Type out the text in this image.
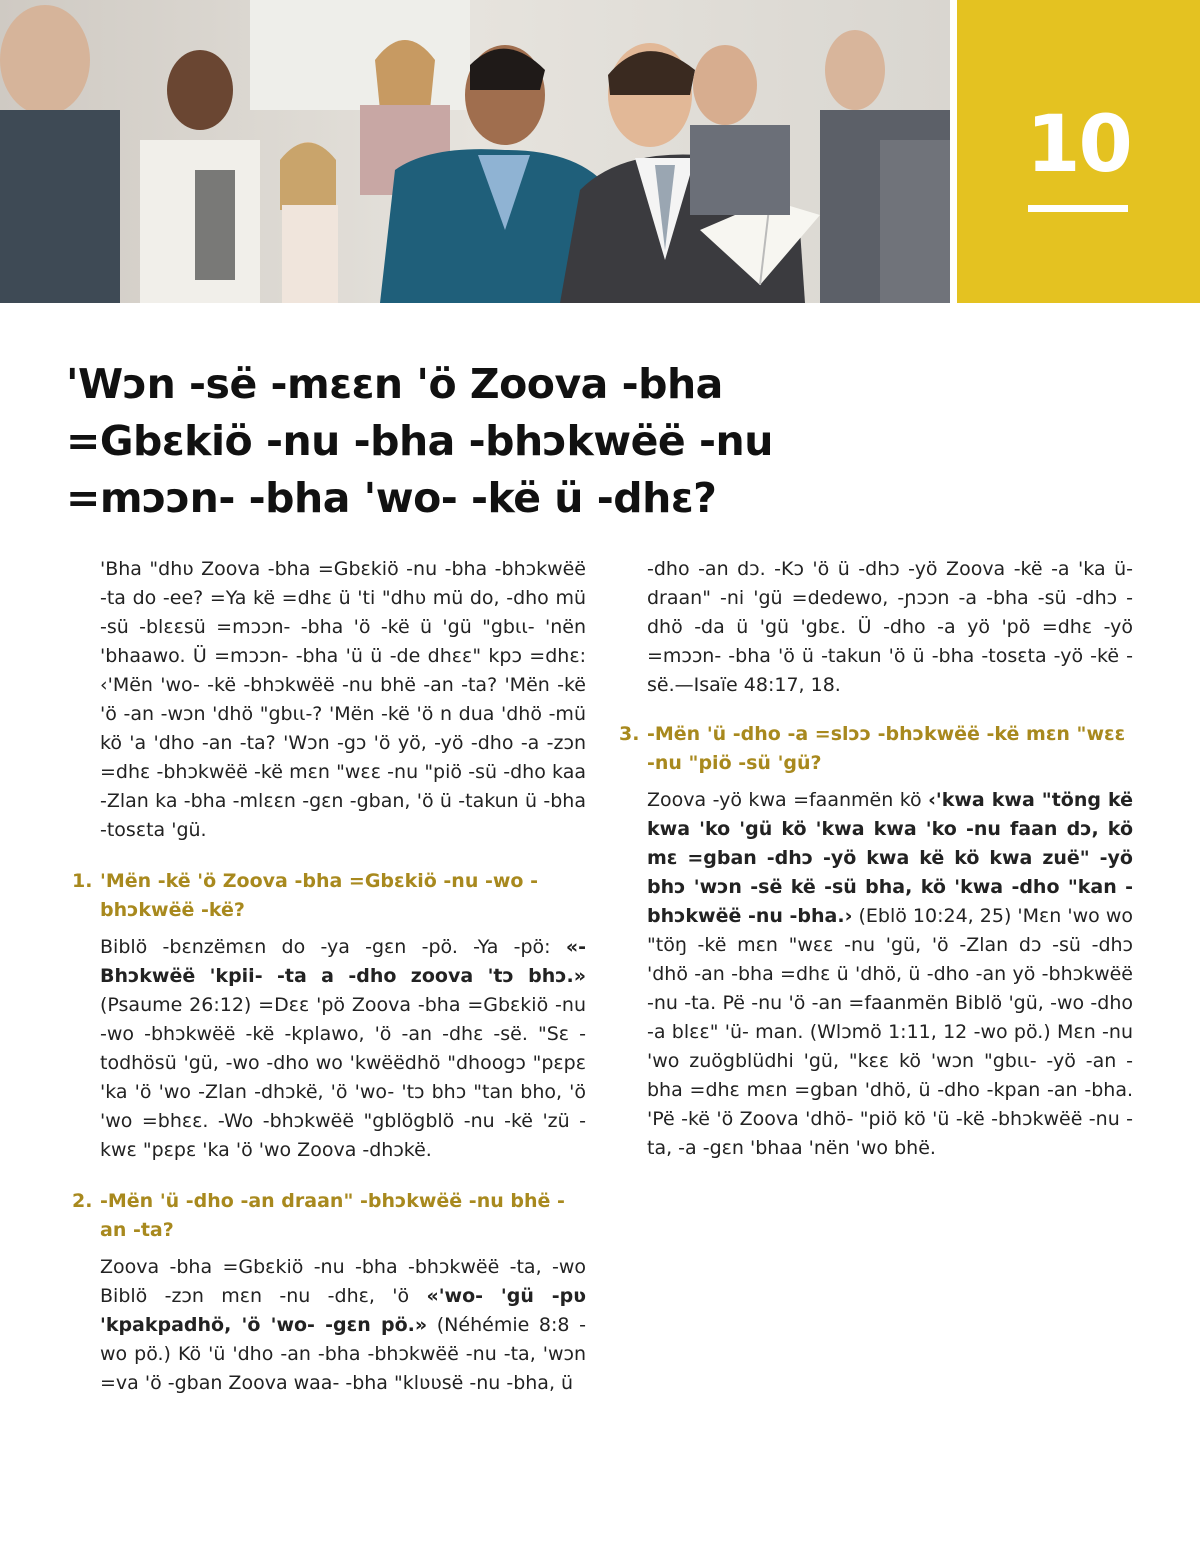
10
'Wɔn -së -mɛɛn 'ö Zoova -bha =Gbɛkiö -nu -bha -bhɔkwëë -nu =mɔɔn- -bha 'wo- -kë ü -dhɛ?

'Bha "dhʋ Zoova -bha =Gbɛkiö -nu -bha -bhɔkwëë -ta do -ee? =Ya kë =dhɛ ü 'ti "dhʋ mü do, -dho mü -sü -blɛɛsü =mɔɔn- -bha 'ö -kë ü 'gü "gbɩɩ- 'nën 'bhaawo. Ü =mɔɔn- -bha 'ü ü -de dhɛɛ" kpɔ =dhɛ: ‹'Mën 'wo- -kë -bhɔkwëë -nu bhë -an -ta? 'Mën -kë 'ö -an -wɔn 'dhö "gbɩɩ-? 'Mën -kë 'ö n dua 'dhö -mü kö 'a 'dho -an -ta? 'Wɔn -gɔ 'ö yö, -yö -dho -a -zɔn =dhɛ -bhɔkwëë -kë mɛn "wɛɛ -nu "piö -sü -dho kaa -Zlan ka -bha -mlɛɛn -gɛn -gban, 'ö ü -takun ü -bha -tosɛta 'gü.

1. 'Mën -kë 'ö Zoova -bha =Gbɛkiö -nu -wo -bhɔkwëë -kë?

Biblö -bɛnzëmɛn do -ya -gɛn -pö. -Ya -pö: «-Bhɔkwëë 'kpii- -ta a -dho zoova 'tɔ bhɔ.» (Psaume 26:12) =Dɛɛ 'pö Zoova -bha =Gbɛkiö -nu -wo -bhɔkwëë -kë -kplawo, 'ö -an -dhɛ -së. "Sɛ -todhösü 'gü, -wo -dho wo 'kwëëdhö "dhoogɔ "pɛpɛ 'ka 'ö 'wo -Zlan -dhɔkë, 'ö 'wo- 'tɔ bhɔ "tan bho, 'ö 'wo =bhɛɛ. -Wo -bhɔkwëë "gblögblö -nu -kë 'zü -kwɛ "pɛpɛ 'ka 'ö 'wo Zoova -dhɔkë.

2. -Mën 'ü -dho -an draan" -bhɔkwëë -nu bhë -an -ta?

Zoova -bha =Gbɛkiö -nu -bha -bhɔkwëë -ta, -wo Biblö -zɔn mɛn -nu -dhɛ, 'ö «'wo- 'gü -pʋ 'kpakpadhö, 'ö 'wo- -gɛn pö.» (Néhémie 8:8 -wo pö.) Kö 'ü 'dho -an -bha -bhɔkwëë -nu -ta, 'wɔn =va 'ö -gban Zoova waa- -bha "klʋʋsë -nu -bha, ü

-dho -an dɔ. -Kɔ 'ö ü -dhɔ -yö Zoova -kë -a 'ka ü-draan" -ni 'gü =dedewo, -ɲɔɔn -a -bha -sü -dhɔ -dhö -da ü 'gü 'gbɛ. Ü -dho -a yö 'pö =dhɛ -yö =mɔɔn- -bha 'ö ü -takun 'ö ü -bha -tosɛta -yö -kë -së.—Isaïe 48:17, 18.

3. -Mën 'ü -dho -a =slɔɔ -bhɔkwëë -kë mɛn "wɛɛ -nu "piö -sü 'gü?

Zoova -yö kwa =faanmën kö ‹'kwa kwa "töng kë kwa 'ko 'gü kö 'kwa kwa 'ko -nu faan dɔ, kö mɛ =gban -dhɔ -yö kwa kë kö kwa zuë" -yö bhɔ 'wɔn -së kë -sü bha, kö 'kwa -dho "kan -bhɔkwëë -nu -bha.› (Eblö 10:24, 25) 'Mɛn 'wo wo "töŋ -kë mɛn "wɛɛ -nu 'gü, 'ö -Zlan dɔ -sü -dhɔ 'dhö -an -bha =dhɛ ü 'dhö, ü -dho -an yö -bhɔkwëë -nu -ta. Pë -nu 'ö -an =faanmën Biblö 'gü, -wo -dho -a blɛɛ" 'ü- man. (Wlɔmö 1:11, 12 -wo pö.) Mɛn -nu 'wo zuögblüdhi 'gü, "kɛɛ kö 'wɔn "gbɩɩ- -yö -an -bha =dhɛ mɛn =gban 'dhö, ü -dho -kpan -an -bha. 'Pë -kë 'ö Zoova 'dhö- "piö kö 'ü -kë -bhɔkwëë -nu -ta, -a -gɛn 'bhaa 'nën 'wo bhë.
